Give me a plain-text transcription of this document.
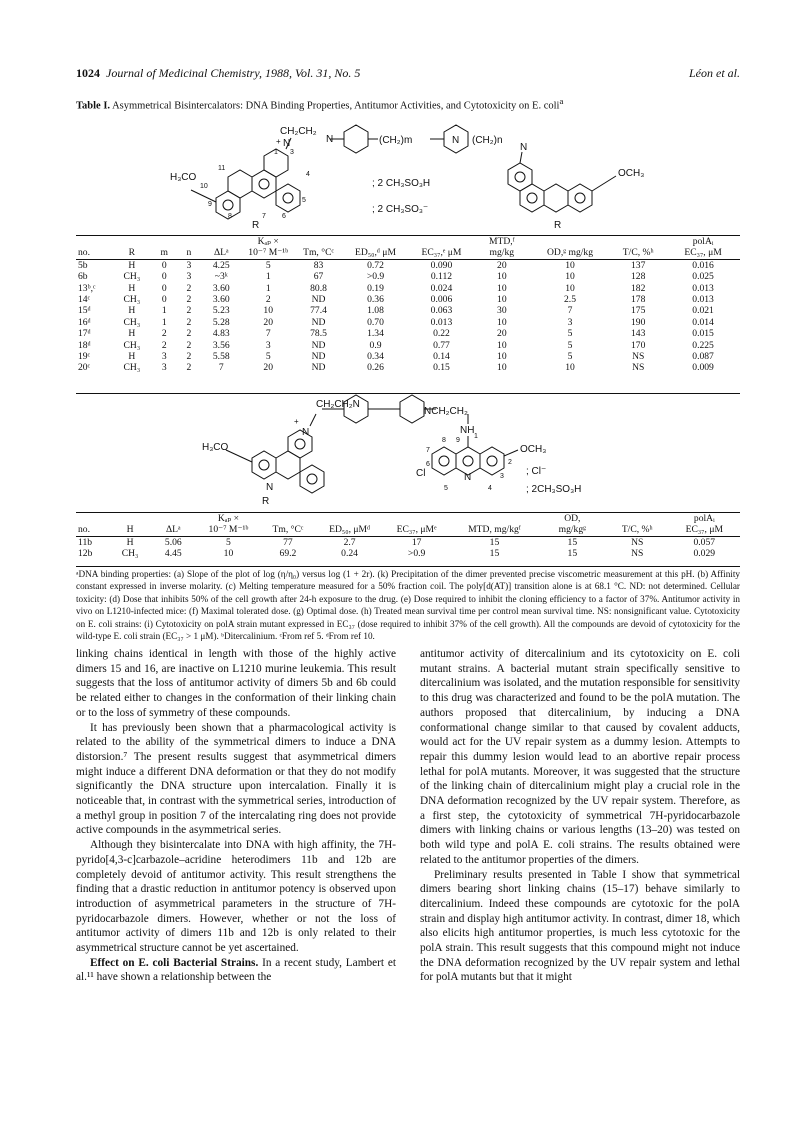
1024 Journal of Medicinal Chemistry, 1988, Vol. 31, No. 5	Léon et al.
Table I. Asymmetrical Bisintercalators: DNA Binding Properties, Antitumor Activities, and Cytotoxicity on E. coli$^a$
CH₂CH₂
N	(CH₂)m	N (CH₂)n
N
+
N
H₃CO	OCH₃
1 3
4
5
6
7
8
9
10
11
R	R
; 2 CH₃SO₃H
; 2 CH₃SO₃⁻
					Kₐₚ ×				MTD,ᶠ			polAᵢ
no.	R	m	n	ΔLᵃ	10⁻⁷ M⁻¹ᵇ	Tm, °Cᶜ	ED₅₀,ᵈ μM	EC₃₇,ᵉ μM	mg/kg	OD,ᵍ mg/kg	T/C, %ʰ	EC₃₇, μM
5b	H	0	3	4.25	5	83	0.72	0.090	20	10	137	0.016
6b	CH₃	0	3	~3ᵏ	1	67	>0.9	0.112	10	10	128	0.025
13ᵇ,ᶜ	H	0	2	3.60	1	80.8	0.19	0.024	10	10	182	0.013
14ᶜ	CH₃	0	2	3.60	2	ND	0.36	0.006	10	2.5	178	0.013
15ᵈ	H	1	2	5.23	10	77.4	1.08	0.063	30	7	175	0.021
16ᵈ	CH₃	1	2	5.28	20	ND	0.70	0.013	10	3	190	0.014
17ᵈ	H	2	2	4.83	7	78.5	1.34	0.22	20	5	143	0.015
18ᵈ	CH₃	2	2	3.56	3	ND	0.9	0.77	10	5	170	0.225
19ᶜ	H	3	2	5.58	5	ND	0.34	0.14	10	5	NS	0.087
20ᶜ	CH₃	3	2	7	20	ND	0.26	0.15	10	10	NS	0.009
CH₂CH₂N
NCH₂CH₂
NH
N
+
H₃CO	OCH₃
N
N
Cl
R
1
2
3
4
5
6
7
8 9
; Cl⁻
; 2CH₃SO₃H
			Kₐₚ ×					OD,		polAᵢ
no.	H	ΔLᵃ	10⁻⁷ M⁻¹ᵇ	Tm, °Cᶜ	ED₅₀, μMᵈ	EC₃₇, μMᵉ	MTD, mg/kgᶠ	mg/kgᵍ	T/C, %ʰ	EC₃₇, μM
11b	H	5.06	5	77	2.7	17	15	15	NS	0.057
12b	CH₃	4.45	10	69.2	0.24	>0.9	15	15	NS	0.029
ᵃDNA binding properties: (a) Slope of the plot of log (η/η₀) versus log (1 + 2r). (k) Precipitation of the dimer prevented precise viscometric measurement at this pH. (b) Affinity constant expressed in inverse molarity. (c) Melting temperature measured for a 50% fraction coil. The poly[d(AT)] transition alone is at 68.1 °C. ND: not determined. Cellular toxicity: (d) Dose that inhibits 50% of the cell growth after 24-h exposure to the drug. (e) Dose required to inhibit the cloning efficiency to a factor of 37%. Antitumor activity in vivo on L1210-infected mice: (f) Maximal tolerated dose. (g) Optimal dose. (h) Treated mean survival time per control mean survival time. NS: nonsignificant value. Cytotoxicity on E. coli strains: (i) Cytotoxicity on polA strain mutant expressed in EC₃₇ (dose required to inhibit 37% of the cell growth). All the compounds are devoid of cytotoxicity for the wild-type E. coli strain (EC₃₇ > 1 μM). ᵇDitercalinium. ᶜFrom ref 5. ᵈFrom ref 10.

linking chains identical in length with those of the highly active dimers 15 and 16, are inactive on L1210 murine leukemia. This result suggests that the loss of antitumor activity of dimers 5b and 6b could be related either to changes in the conformation of their linking chain or to the loss of symmetry of these compounds.

It has previously been shown that a pharmacological activity is related to the ability of the symmetrical dimers to induce a DNA distorsion.⁷ The present results suggest that asymmetrical dimers might induce a different DNA deformation or that they do not modify significantly the DNA structure upon intercalation. Finally it is noticeable that, in contrast with the symmetrical series, introduction of a methyl group in position 7 of the intercalating ring does not provide active compounds in the asymmetrical series.

Although they bisintercalate into DNA with high affinity, the 7H-pyrido[4,3-c]carbazole–acridine heterodimers 11b and 12b are completely devoid of antitumor activity. This result strengthens the finding that a drastic reduction in antitumor potency is observed upon introduction of asymmetrical parameters in the structure of 7H-pyridocarbazole dimers. However, whether or not the loss of antitumor activity of dimers 11b and 12b is only related to their asymmetrical structure cannot be yet ascertained.

Effect on E. coli Bacterial Strains. In a recent study, Lambert et al.¹¹ have shown a relationship between the

antitumor activity of ditercalinium and its cytotoxicity on E. coli mutant strains. A bacterial mutant strain specifically sensitive to ditercalinium was isolated, and the mutation responsible for sensitivity to this drug was characterized and found to be the polA mutation. The authors proposed that ditercalinium, by inducing a DNA conformational change similar to that caused by covalent adducts, would act for the UV repair system as a dummy lesion. Attempts to repair this dummy lesion would lead to an abortive repair process lethal for polA mutants. Moreover, it was suggested that the structure of the linking chain of ditercalinium might play a crucial role in the DNA deformation recognized by the UV repair system. Therefore, as a first step, the cytotoxicity of symmetrical 7H-pyridocarbazole dimers with linking chains or various lengths (13–20) was tested on both wild type and polA E. coli strains. The results obtained were related to the antitumor properties of the dimers.

Preliminary results presented in Table I show that symmetrical dimers bearing short linking chains (15–17) behave similarly to ditercalinium. Indeed these compounds are cytotoxic for the polA strain and display high antitumor activity. In contrast, dimer 18, which also elicits high antitumor properties, is much less cytotoxic for the polA strain. This result suggests that this compound might not induce the DNA deformation recognized by the UV repair system and lethal for polA mutants but that it might
